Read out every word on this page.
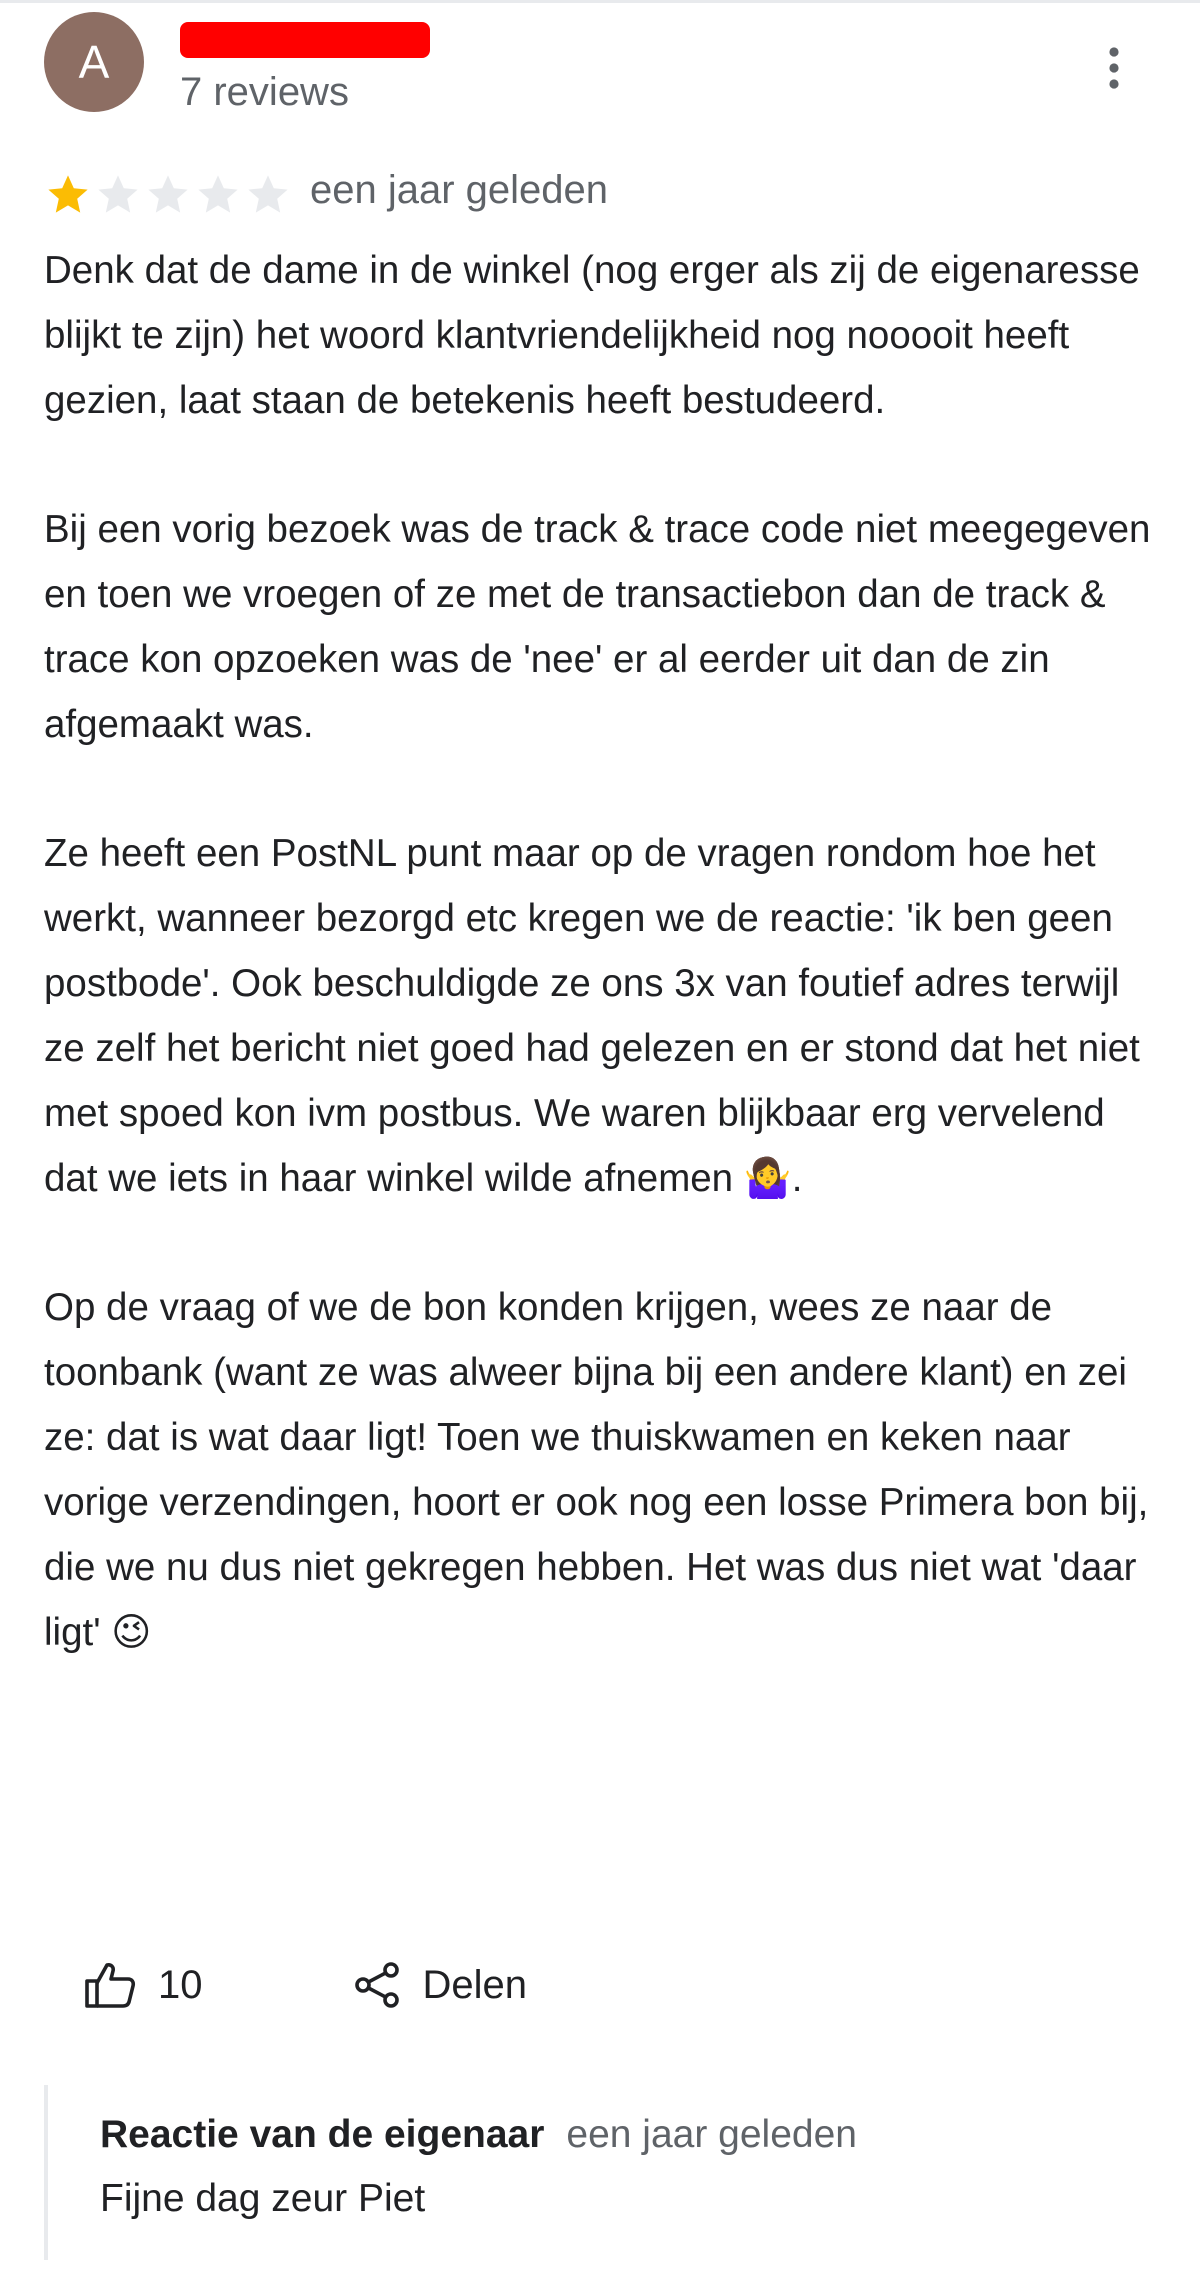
A
7 reviews
een jaar geleden

Denk dat de dame in de winkel (nog erger als zij de eigenaresse blijkt te zijn) het woord klantvriendelijkheid nog nooooit heeft gezien, laat staan de betekenis heeft bestudeerd.

Bij een vorig bezoek was de track & trace code niet meegegeven en toen we vroegen of ze met de transactiebon dan de track & trace kon opzoeken was de 'nee' er al eerder uit dan de zin afgemaakt was.

Ze heeft een PostNL punt maar op de vragen rondom hoe het werkt, wanneer bezorgd etc kregen we de reactie: 'ik ben geen postbode'. Ook beschuldigde ze ons 3x van foutief adres terwijl ze zelf het bericht niet goed had gelezen en er stond dat het niet met spoed kon ivm postbus. We waren blijkbaar erg vervelend dat we iets in haar winkel wilde afnemen 🤷‍♀️.

Op de vraag of we de bon konden krijgen, wees ze naar de toonbank (want ze was alweer bijna bij een andere klant) en zei ze: dat is wat daar ligt! Toen we thuiskwamen en keken naar vorige verzendingen, hoort er ook nog een losse Primera bon bij, die we nu dus niet gekregen hebben. Het was dus niet wat 'daar ligt' 😉

10	Delen
Reactie van de eigenaar een jaar geleden
Fijne dag zeur Piet
